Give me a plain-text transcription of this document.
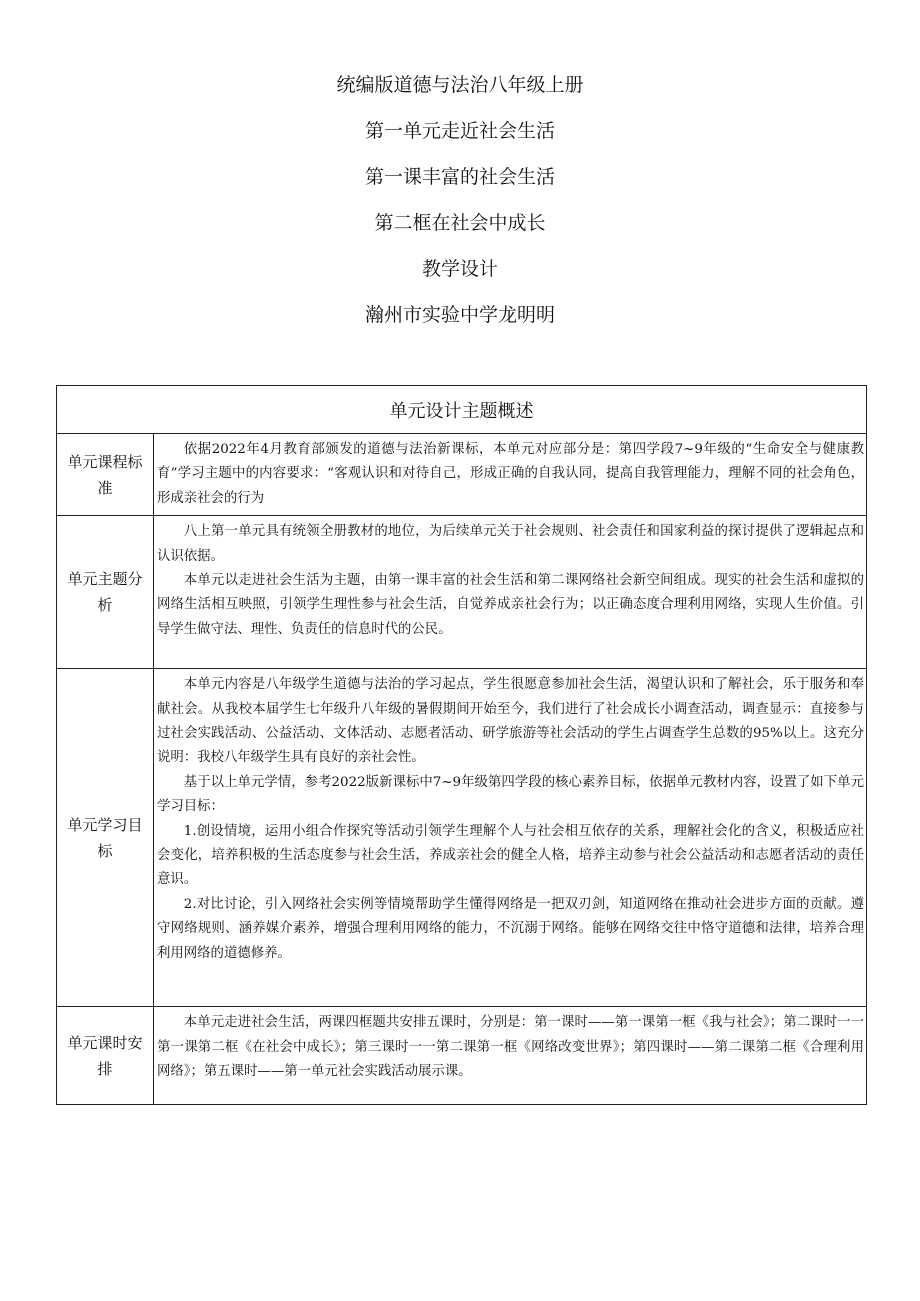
统编版道德与法治八年级上册
第一单元走近社会生活
第一课丰富的社会生活
第二框在社会中成长
教学设计
瀚州市实验中学龙明明
单元设计主题概述	
单元课程标准	依据2022年4月教育部颁发的道德与法治新课标，本单元对应部分是：第四学段7~9年级的“生命安全与健康教育”学习主题中的内容要求：“客观认识和对待自己，形成正确的自我认同，提高自我管理能力，理解不同的社会角色，形成亲社会的行为

单元主题分析	八上第一单元具有统领全册教材的地位，为后续单元关于社会规则、社会责任和国家利益的探讨提供了逻辑起点和认识依据。

本单元以走进社会生活为主题，由第一课丰富的社会生活和第二课网络社会新空间组成。现实的社会生活和虚拟的网络生活相互映照，引领学生理性参与社会生活，自觉养成亲社会行为；以正确态度合理利用网络，实现人生价值。引导学生做守法、理性、负责任的信息时代的公民。

单元学习目标	本单元内容是八年级学生道德与法治的学习起点，学生很愿意参加社会生活，渴望认识和了解社会，乐于服务和奉献社会。从我校本届学生七年级升八年级的暑假期间开始至今，我们进行了社会成长小调查活动，调查显示：直接参与过社会实践活动、公益活动、文体活动、志愿者活动、研学旅游等社会活动的学生占调查学生总数的95%以上。这充分说明：我校八年级学生具有良好的亲社会性。

基于以上单元学情，参考2022版新课标中7~9年级第四学段的核心素养目标，依据单元教材内容，设置了如下单元学习目标：

1.创设情境，运用小组合作探究等活动引领学生理解个人与社会相互依存的关系，理解社会化的含义，积极适应社会变化，培养积极的生活态度参与社会生活，养成亲社会的健全人格，培养主动参与社会公益活动和志愿者活动的责任意识。

2.对比讨论，引入网络社会实例等情境帮助学生懂得网络是一把双刃剑，知道网络在推动社会进步方面的贡献。遵守网络规则、涵养媒介素养，增强合理利用网络的能力，不沉溺于网络。能够在网络交往中恪守道德和法律，培养合理利用网络的道德修养。

单元课时安排	本单元走进社会生活，两课四框题共安排五课时，分别是：第一课时——第一课第一框《我与社会》；第二课时一一第一课第二框《在社会中成长》；第三课时一一第二课第一框《网络改变世界》；第四课时——第二课第二框《合理利用网络》；第五课时——第一单元社会实践活动展示课。
